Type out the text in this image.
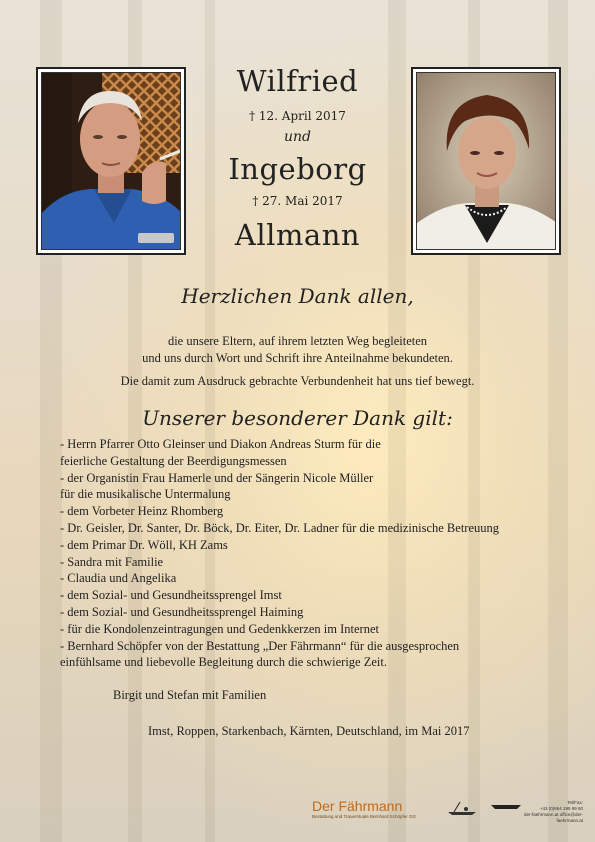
Wilfried
† 12. April 2017
und
Ingeborg
† 27. Mai 2017
Allmann
Herzlichen Dank allen,
die unsere Eltern, auf ihrem letzten Weg begleiteten
und uns durch Wort und Schrift ihre Anteilnahme bekundeten.
Die damit zum Ausdruck gebrachte Verbundenheit hat uns tief bewegt.
Unserer besonderer Dank gilt:
- Herrn Pfarrer Otto Gleinser und Diakon Andreas Sturm für die
feierliche Gestaltung der Beerdigungsmessen
- der Organistin Frau Hamerle und der Sängerin Nicole Müller
für die musikalische Untermalung
- dem Vorbeter Heinz Rhomberg
- Dr. Geisler, Dr. Santer, Dr. Böck, Dr. Eiter, Dr. Ladner für die medizinische Betreuung
- dem Primar Dr. Wöll, KH Zams
- Sandra mit Familie
- Claudia und Angelika
- dem Sozial- und Gesundheitssprengel Imst
- dem Sozial- und Gesundheitssprengel Haiming
- für die Kondolenzeintragungen und Gedenkkerzen im Internet
- Bernhard Schöpfer von der Bestattung „Der Fährmann“ für die ausgesprochen
einfühlsame und liebevolle Begleitung durch die schwierige Zeit.
Birgit und Stefan mit Familien
Imst, Roppen, Starkenbach, Kärnten, Deutschland, im Mai 2017
Der Fährmann
Bestattung und Trauerrituale Bernhard Schöpfer OG
Tel/Fax:
+43 (0)664 195 99 60
der-faehrmann.at office@der-faehrmann.at
